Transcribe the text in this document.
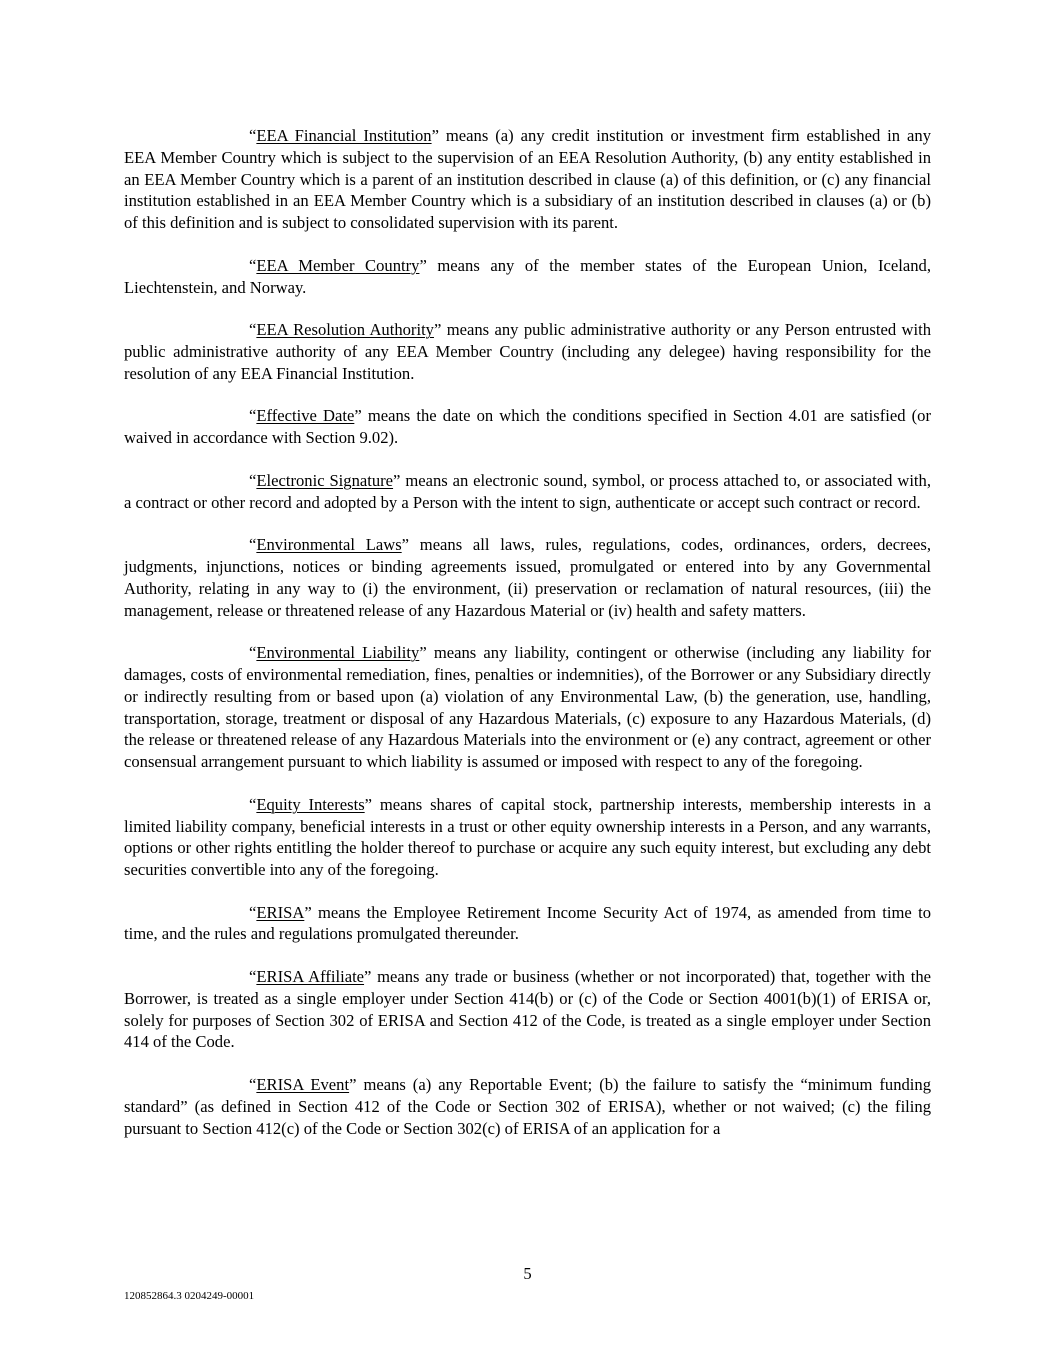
“EEA Financial Institution” means (a) any credit institution or investment firm established in any EEA Member Country which is subject to the supervision of an EEA Resolution Authority, (b) any entity established in an EEA Member Country which is a parent of an institution described in clause (a) of this definition, or (c) any financial institution established in an EEA Member Country which is a subsidiary of an institution described in clauses (a) or (b) of this definition and is subject to consolidated supervision with its parent.

“EEA Member Country” means any of the member states of the European Union, Iceland, Liechtenstein, and Norway.

“EEA Resolution Authority” means any public administrative authority or any Person entrusted with public administrative authority of any EEA Member Country (including any delegee) having responsibility for the resolution of any EEA Financial Institution.

“Effective Date” means the date on which the conditions specified in Section 4.01 are satisfied (or waived in accordance with Section 9.02).

“Electronic Signature” means an electronic sound, symbol, or process attached to, or associated with, a contract or other record and adopted by a Person with the intent to sign, authenticate or accept such contract or record.

“Environmental Laws” means all laws, rules, regulations, codes, ordinances, orders, decrees, judgments, injunctions, notices or binding agreements issued, promulgated or entered into by any Governmental Authority, relating in any way to (i) the environment, (ii) preservation or reclamation of natural resources, (iii) the management, release or threatened release of any Hazardous Material or (iv) health and safety matters.

“Environmental Liability” means any liability, contingent or otherwise (including any liability for damages, costs of environmental remediation, fines, penalties or indemnities), of the Borrower or any Subsidiary directly or indirectly resulting from or based upon (a) violation of any Environmental Law, (b) the generation, use, handling, transportation, storage, treatment or disposal of any Hazardous Materials, (c) exposure to any Hazardous Materials, (d) the release or threatened release of any Hazardous Materials into the environment or (e) any contract, agreement or other consensual arrangement pursuant to which liability is assumed or imposed with respect to any of the foregoing.

“Equity Interests” means shares of capital stock, partnership interests, membership interests in a limited liability company, beneficial interests in a trust or other equity ownership interests in a Person, and any warrants, options or other rights entitling the holder thereof to purchase or acquire any such equity interest, but excluding any debt securities convertible into any of the foregoing.

“ERISA” means the Employee Retirement Income Security Act of 1974, as amended from time to time, and the rules and regulations promulgated thereunder.

“ERISA Affiliate” means any trade or business (whether or not incorporated) that, together with the Borrower, is treated as a single employer under Section 414(b) or (c) of the Code or Section 4001(b)(1) of ERISA or, solely for purposes of Section 302 of ERISA and Section 412 of the Code, is treated as a single employer under Section 414 of the Code.

“ERISA Event” means (a) any Reportable Event; (b) the failure to satisfy the “minimum funding standard” (as defined in Section 412 of the Code or Section 302 of ERISA), whether or not waived; (c) the filing pursuant to Section 412(c) of the Code or Section 302(c) of ERISA of an application for a

5
120852864.3 0204249-00001
